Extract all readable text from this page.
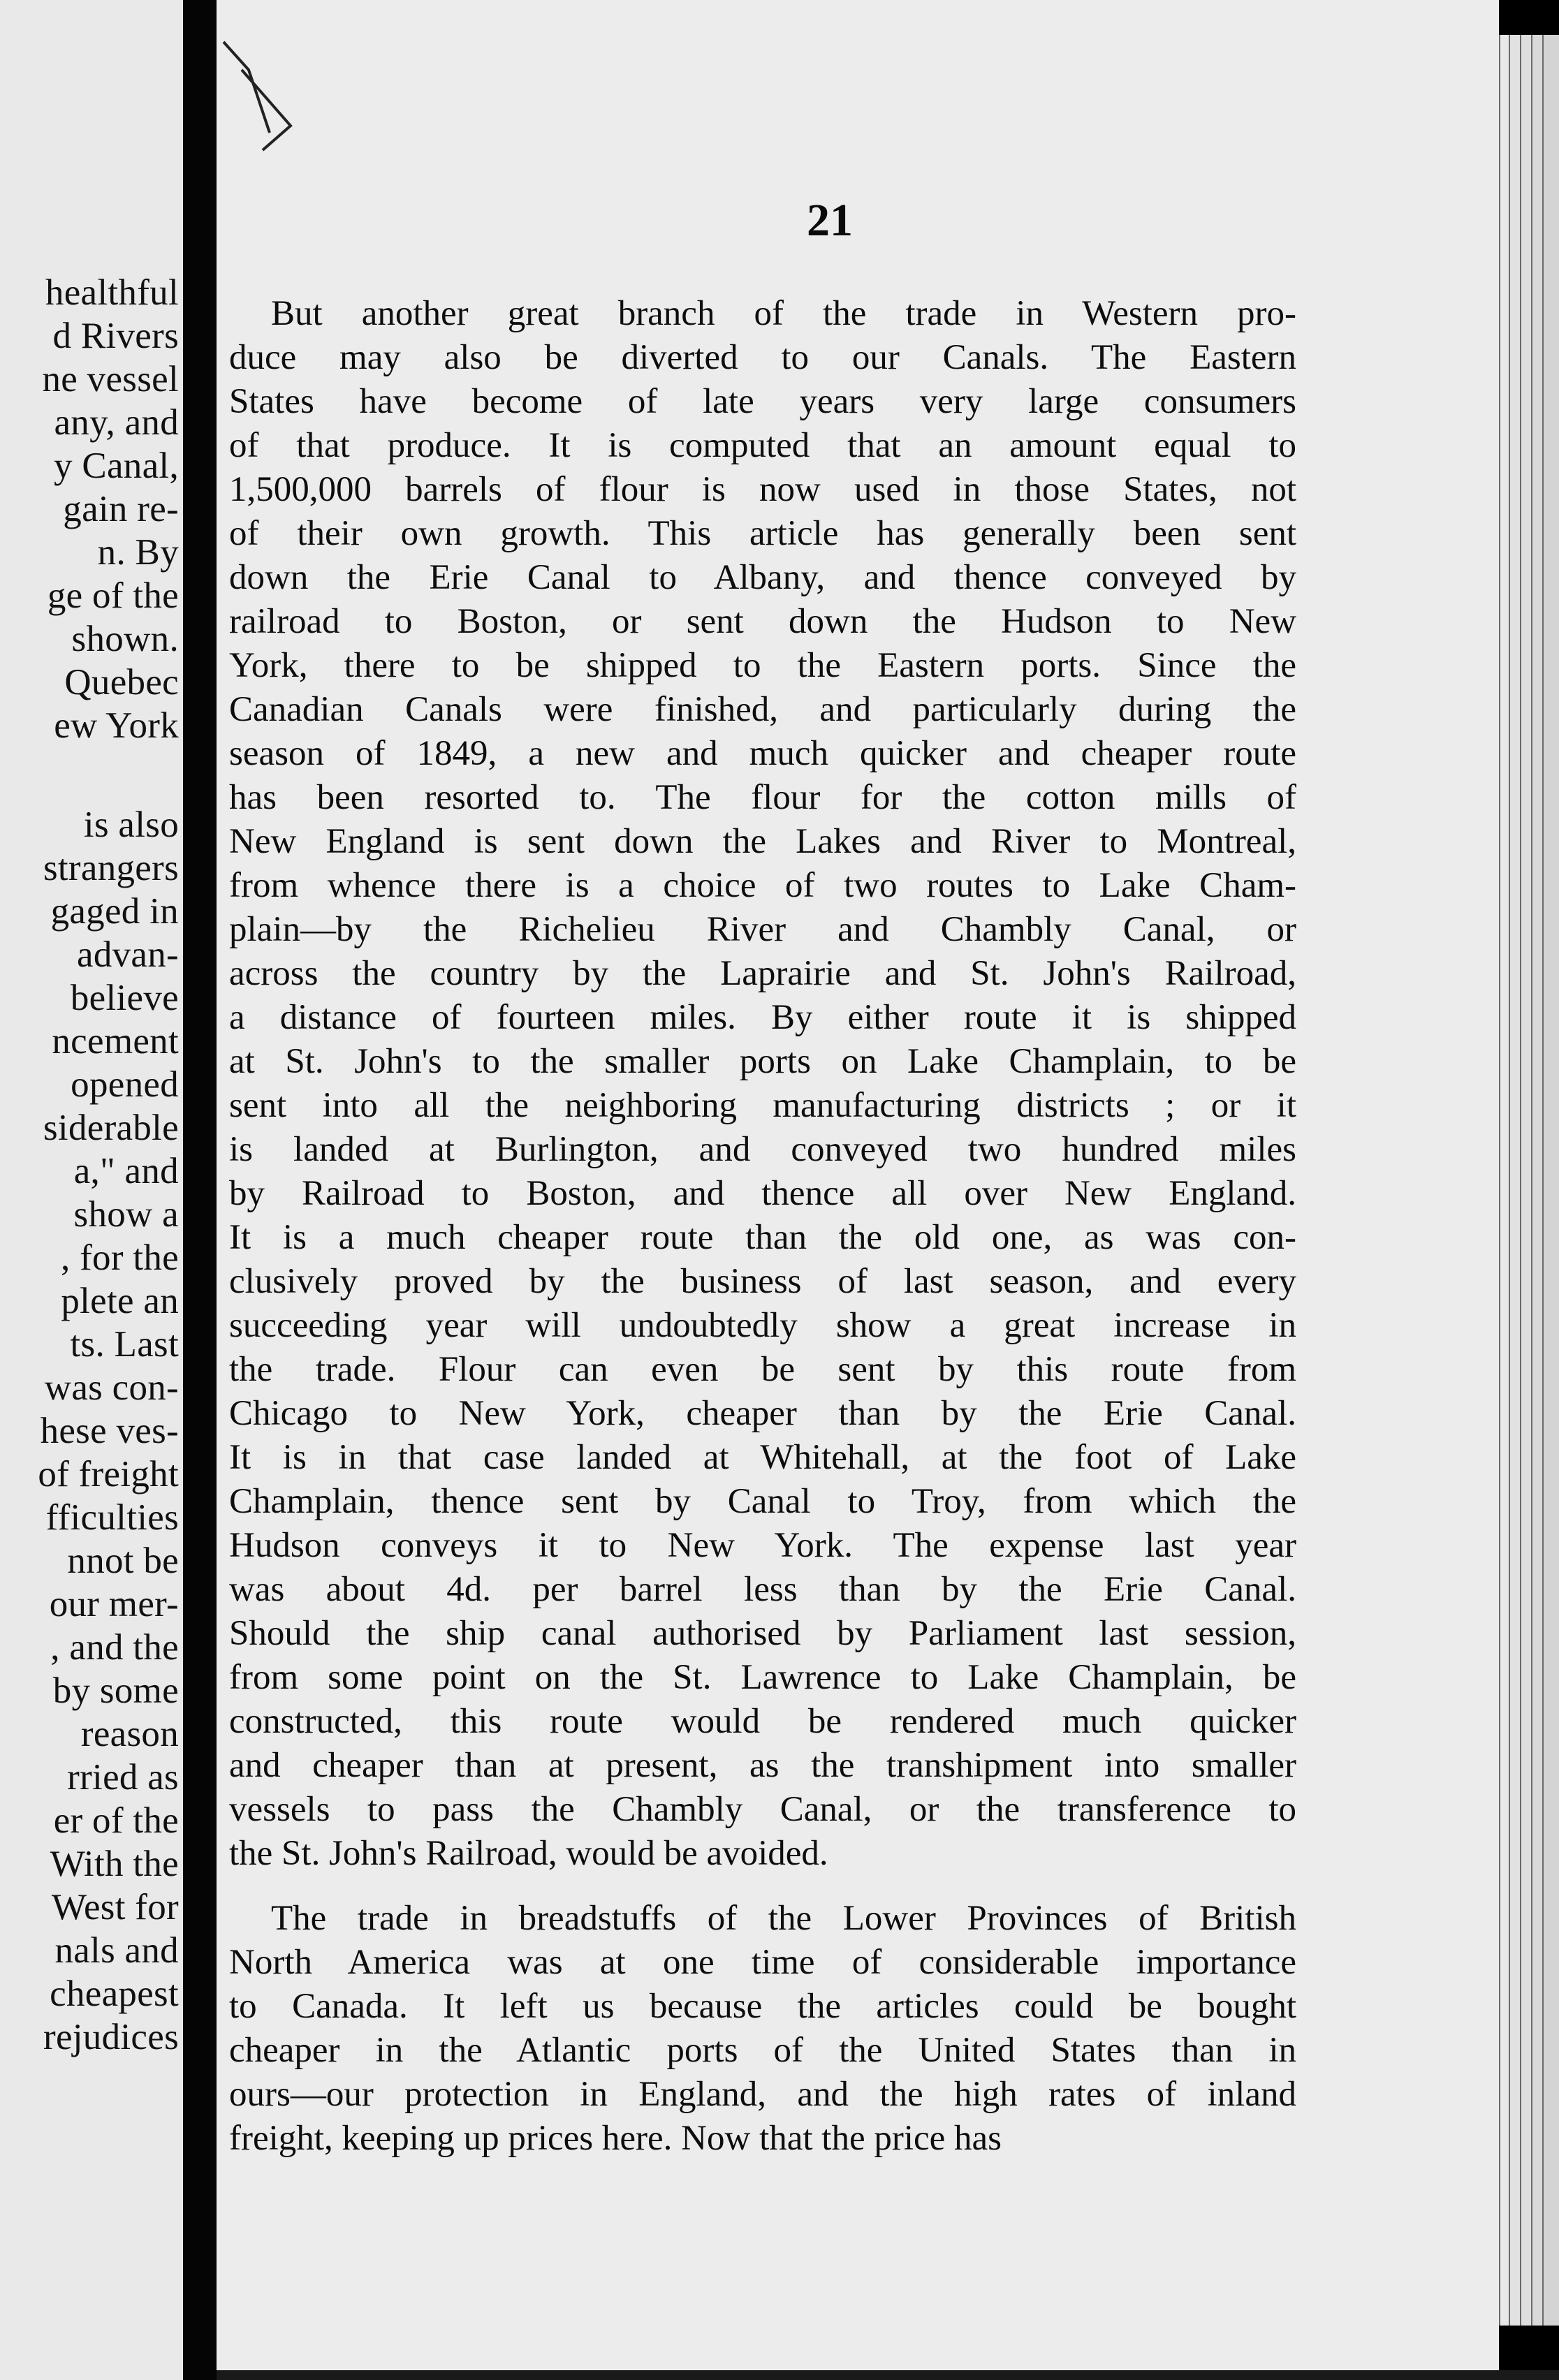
healthful
d Rivers
ne vessel
any, and
y Canal,
gain re-
n. By
ge of the
shown.
Quebec
ew York
is also
strangers
gaged in
advan-
believe
ncement
opened
siderable
a," and
show a
, for the
plete an
ts. Last
was con-
hese ves-
of freight
fficulties
nnot be
our mer-
, and the
by some
reason
rried as
er of the
With the
West for
nals and
cheapest
rejudices
21
But another great branch of the trade in Western pro-
duce may also be diverted to our Canals. The Eastern
States have become of late years very large consumers
of that produce. It is computed that an amount equal to
1,500,000 barrels of flour is now used in those States, not
of their own growth. This article has generally been sent
down the Erie Canal to Albany, and thence conveyed by
railroad to Boston, or sent down the Hudson to New
York, there to be shipped to the Eastern ports. Since the
Canadian Canals were finished, and particularly during the
season of 1849, a new and much quicker and cheaper route
has been resorted to. The flour for the cotton mills of
New England is sent down the Lakes and River to Montreal,
from whence there is a choice of two routes to Lake Cham-
plain—by the Richelieu River and Chambly Canal, or
across the country by the Laprairie and St. John's Railroad,
a distance of fourteen miles. By either route it is shipped
at St. John's to the smaller ports on Lake Champlain, to be
sent into all the neighboring manufacturing districts ; or it
is landed at Burlington, and conveyed two hundred miles
by Railroad to Boston, and thence all over New England.
It is a much cheaper route than the old one, as was con-
clusively proved by the business of last season, and every
succeeding year will undoubtedly show a great increase in
the trade. Flour can even be sent by this route from
Chicago to New York, cheaper than by the Erie Canal.
It is in that case landed at Whitehall, at the foot of Lake
Champlain, thence sent by Canal to Troy, from which the
Hudson conveys it to New York. The expense last year
was about 4d. per barrel less than by the Erie Canal.
Should the ship canal authorised by Parliament last session,
from some point on the St. Lawrence to Lake Champlain, be
constructed, this route would be rendered much quicker
and cheaper than at present, as the transhipment into smaller
vessels to pass the Chambly Canal, or the transference to
the St. John's Railroad, would be avoided.
The trade in breadstuffs of the Lower Provinces of British
North America was at one time of considerable importance
to Canada. It left us because the articles could be bought
cheaper in the Atlantic ports of the United States than in
ours—our protection in England, and the high rates of inland
freight, keeping up prices here. Now that the price has
